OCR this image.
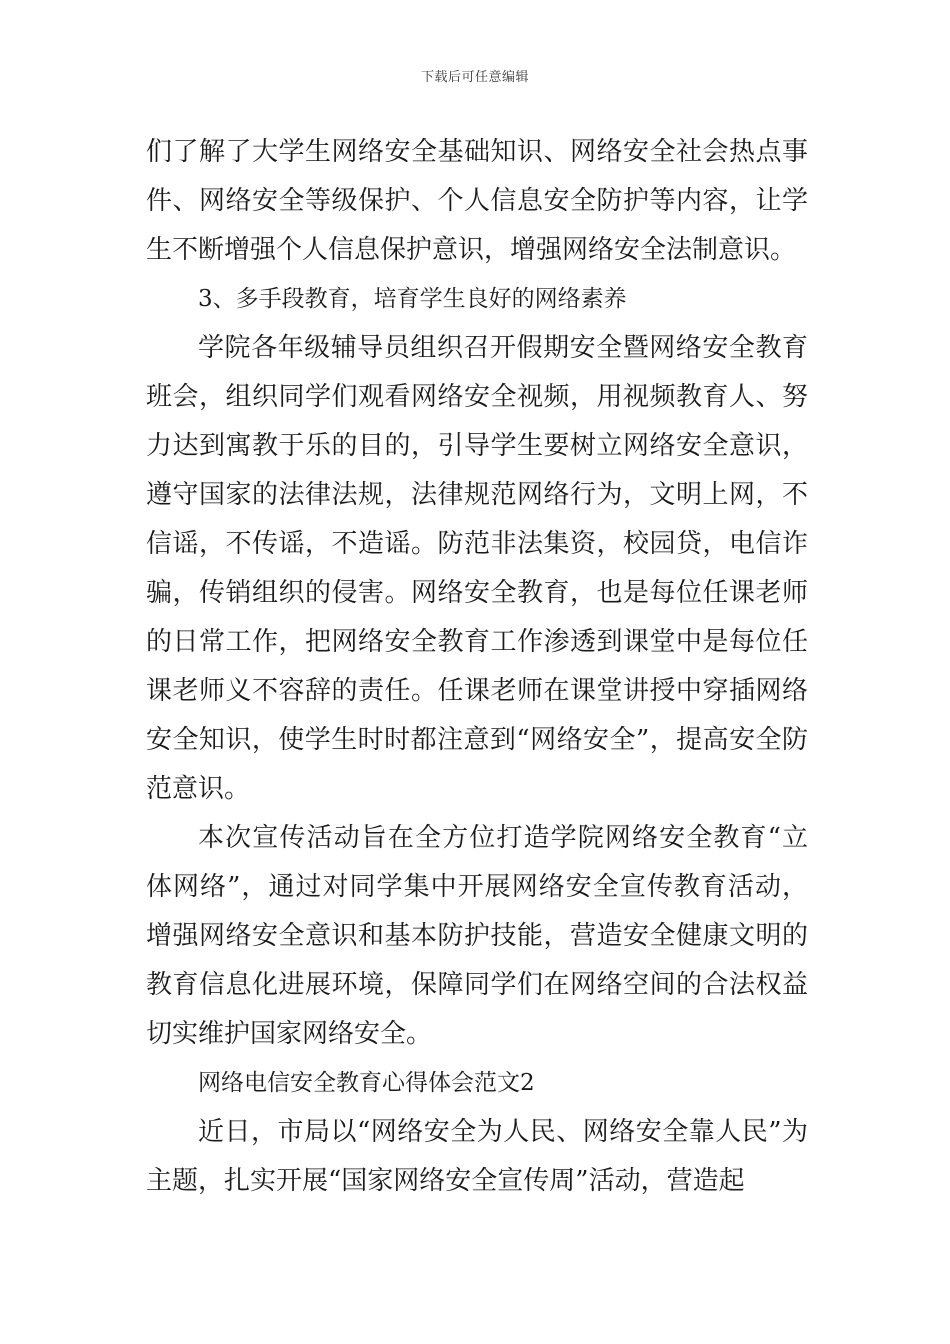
下载后可任意编辑

们了解了大学生网络安全基础知识、网络安全社会热点事件、网络安全等级保护、个人信息安全防护等内容，让学生不断增强个人信息保护意识，增强网络安全法制意识。

3、多手段教育，培育学生良好的网络素养

学院各年级辅导员组织召开假期安全暨网络安全教育班会，组织同学们观看网络安全视频，用视频教育人、努力达到寓教于乐的目的，引导学生要树立网络安全意识，遵守国家的法律法规，法律规范网络行为，文明上网，不信谣，不传谣，不造谣。防范非法集资，校园贷，电信诈骗，传销组织的侵害。网络安全教育，也是每位任课老师的日常工作，把网络安全教育工作渗透到课堂中是每位任课老师义不容辞的责任。任课老师在课堂讲授中穿插网络安全知识，使学生时时都注意到“网络安全”，提高安全防范意识。

本次宣传活动旨在全方位打造学院网络安全教育“立体网络”，通过对同学集中开展网络安全宣传教育活动，增强网络安全意识和基本防护技能，营造安全健康文明的教育信息化进展环境，保障同学们在网络空间的合法权益切实维护国家网络安全。

网络电信安全教育心得体会范文2

近日，市局以“网络安全为人民、网络安全靠人民”为主题，扎实开展“国家网络安全宣传周”活动，营造起
